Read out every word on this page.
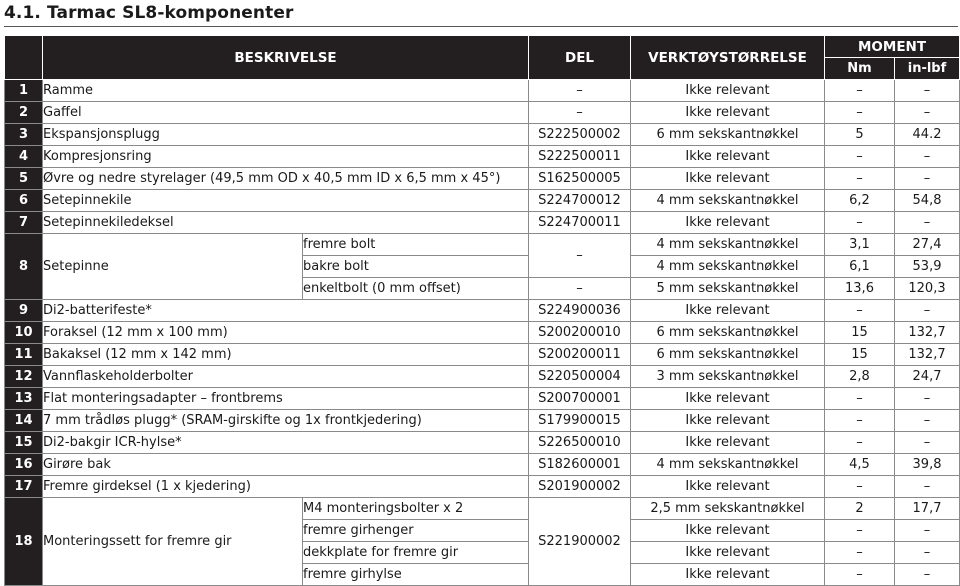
4.1. Tarmac SL8-komponenter
	BESKRIVELSE		DEL	VERKTØYSTØRRELSE	MOMENT	
					Nm	in-lbf
1	Ramme		–	Ikke relevant	–	–
2	Gaffel		–	Ikke relevant	–	–
3	Ekspansjonsplugg		S222500002	6 mm sekskantnøkkel	5	44.2
4	Kompresjonsring		S222500011	Ikke relevant	–	–
5	Øvre og nedre styrelager (49,5 mm OD x 40,5 mm ID x 6,5 mm x 45°)		S162500005	Ikke relevant	–	–
6	Setepinnekile		S224700012	4 mm sekskantnøkkel	6,2	54,8
7	Setepinnekiledeksel		S224700011	Ikke relevant	–	–
8	Setepinne	fremre bolt	–	4 mm sekskantnøkkel	3,1	27,4
		bakre bolt		4 mm sekskantnøkkel	6,1	53,9
		enkeltbolt (0 mm offset)	–	5 mm sekskantnøkkel	13,6	120,3
9	Di2-batterifeste*		S224900036	Ikke relevant	–	–
10	Foraksel (12 mm x 100 mm)		S200200010	6 mm sekskantnøkkel	15	132,7
11	Bakaksel (12 mm x 142 mm)		S200200011	6 mm sekskantnøkkel	15	132,7
12	Vannflaskeholderbolter		S220500004	3 mm sekskantnøkkel	2,8	24,7
13	Flat monteringsadapter – frontbrems		S200700001	Ikke relevant	–	–
14	7 mm trådløs plugg* (SRAM-girskifte og 1x frontkjedering)		S179900015	Ikke relevant	–	–
15	Di2-bakgir ICR-hylse*		S226500010	Ikke relevant	–	–
16	Girøre bak		S182600001	4 mm sekskantnøkkel	4,5	39,8
17	Fremre girdeksel (1 x kjedering)		S201900002	Ikke relevant	–	–
18	Monteringssett for fremre gir	M4 monteringsbolter x 2	S221900002	2,5 mm sekskantnøkkel	2	17,7
		fremre girhenger		Ikke relevant	–	–
		dekkplate for fremre gir		Ikke relevant	–	–
		fremre girhylse		Ikke relevant	–	–
